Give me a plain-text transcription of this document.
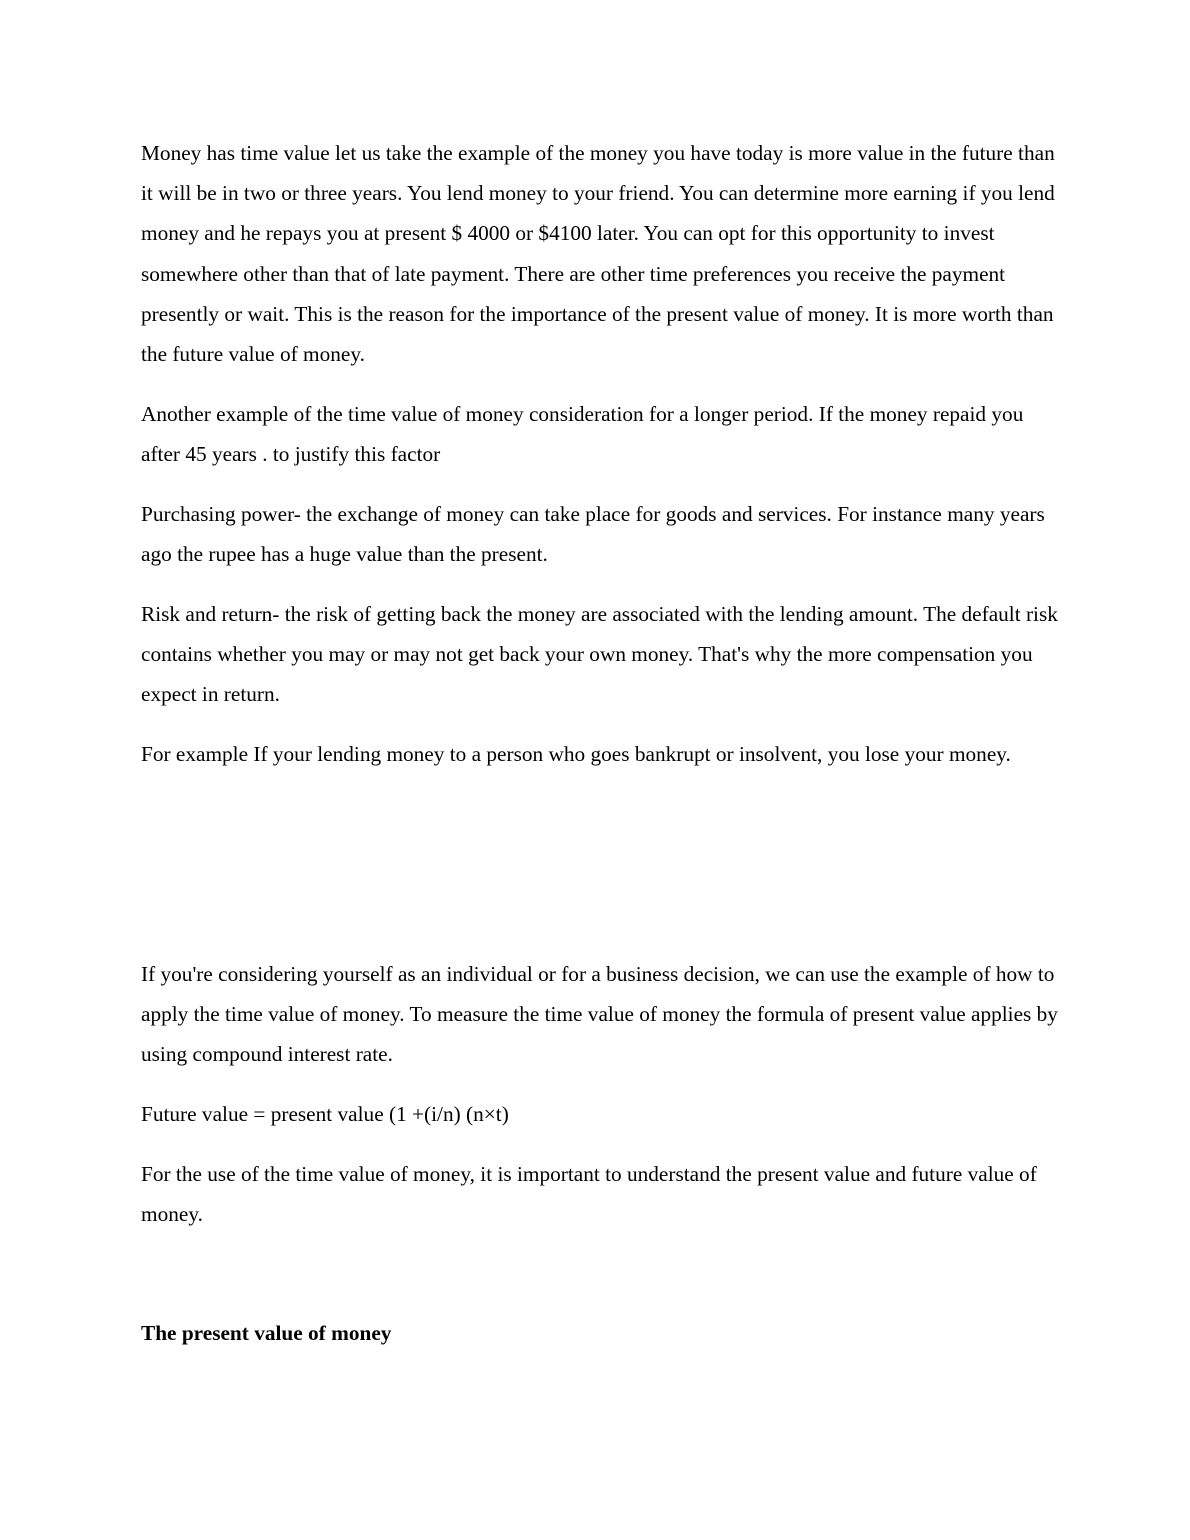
Money has time value let us take the example of the money you have today is more value in the future than it will be in two or three years. You lend money to your friend. You can determine more earning if you lend money and he repays you at present $ 4000 or $4100 later. You can opt for this opportunity to invest somewhere other than that of late payment. There are other time preferences you receive the payment presently or wait. This is the reason for the importance of the present value of money. It is more worth than the future value of money.

Another example of the time value of money consideration for a longer period. If the money repaid you after 45 years . to justify this factor

Purchasing power- the exchange of money can take place for goods and services. For instance many years ago the rupee has a huge value than the present.

Risk and return- the risk of getting back the money are associated with the lending amount. The default risk contains whether you may or may not get back your own money. That's why the more compensation you expect in return.

For example If your lending money to a person who goes bankrupt or insolvent, you lose your money.

If you're considering yourself as an individual or for a business decision, we can use the example of how to apply the time value of money. To measure the time value of money the formula of present value applies by using compound interest rate.

Future value = present value (1 +(i/n) (n×t)

For the use of the time value of money, it is important to understand the present value and future value of money.

The present value of money
